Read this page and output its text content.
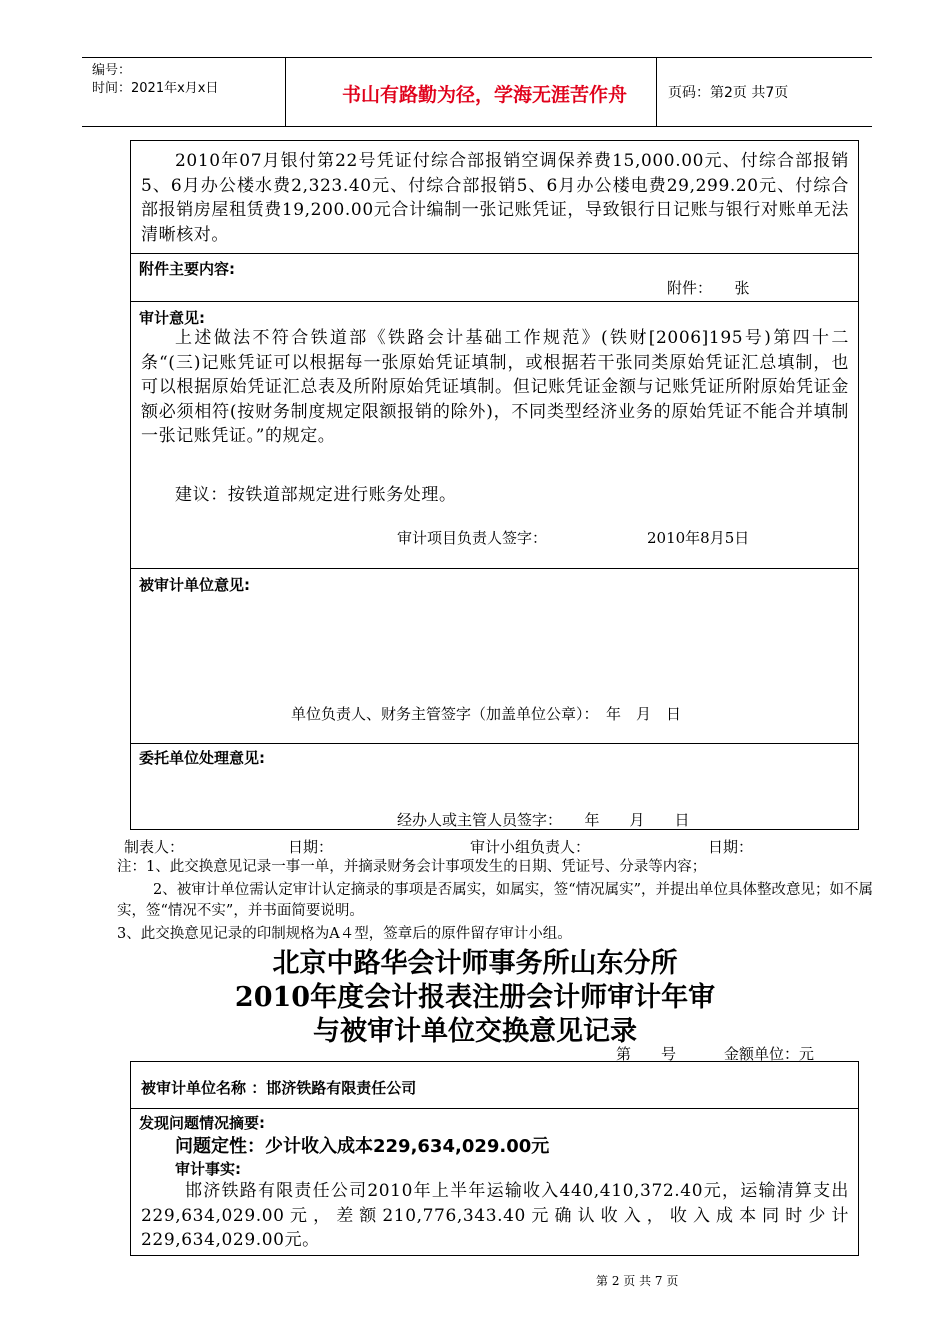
编号：
时间：2021年x月x日	书山有路勤为径，学海无涯苦作舟	页码：第2页 共7页
2010年07月银付第22号凭证付综合部报销空调保养费15,000.00元、付综合部报销5、6月办公楼水费2,323.40元、付综合部报销5、6月办公楼电费29,299.20元、付综合部报销房屋租赁费19,200.00元合计编制一张记账凭证，导致银行日记账与银行对账单无法清晰核对。
附件主要内容:
附件：　　张
审计意见:
上述做法不符合铁道部《铁路会计基础工作规范》(铁财[2006]195号)第四十二条“(三)记账凭证可以根据每一张原始凭证填制，或根据若干张同类原始凭证汇总填制，也可以根据原始凭证汇总表及所附原始凭证填制。但记账凭证金额与记账凭证所附原始凭证金额必须相符(按财务制度规定限额报销的除外)，不同类型经济业务的原始凭证不能合并填制一张记账凭证。”的规定。
建议：按铁道部规定进行账务处理。
审计项目负责人签字：	2010年8月5日
被审计单位意见:
单位负责人、财务主管签字（加盖单位公章）：　年　月　日
委托单位处理意见:
经办人或主管人员签字：　　年　　月　　日
制表人：	日期：	审计小组负责人：	日期：
注：1、此交换意见记录一事一单，并摘录财务会计事项发生的日期、凭证号、分录等内容；
2、被审计单位需认定审计认定摘录的事项是否属实，如属实，签“情况属实”，并提出单位具体整改意见；如不属实，签“情况不实”，并书面简要说明。
3、此交换意见记录的印制规格为A４型，签章后的原件留存审计小组。
北京中路华会计师事务所山东分所
2010年度会计报表注册会计师审计年审
与被审计单位交换意见记录
第　　号	金额单位：元
被审计单位名称 ：邯济铁路有限责任公司
发现问题情况摘要:
问题定性：少计收入成本229,634,029.00元
审计事实:
邯济铁路有限责任公司2010年上半年运输收入440,410,372.40元，运输清算支出229,634,029.00元，差额210,776,343.40元确认收入，收入成本同时少计229,634,029.00元。
第 2 页 共 7 页
